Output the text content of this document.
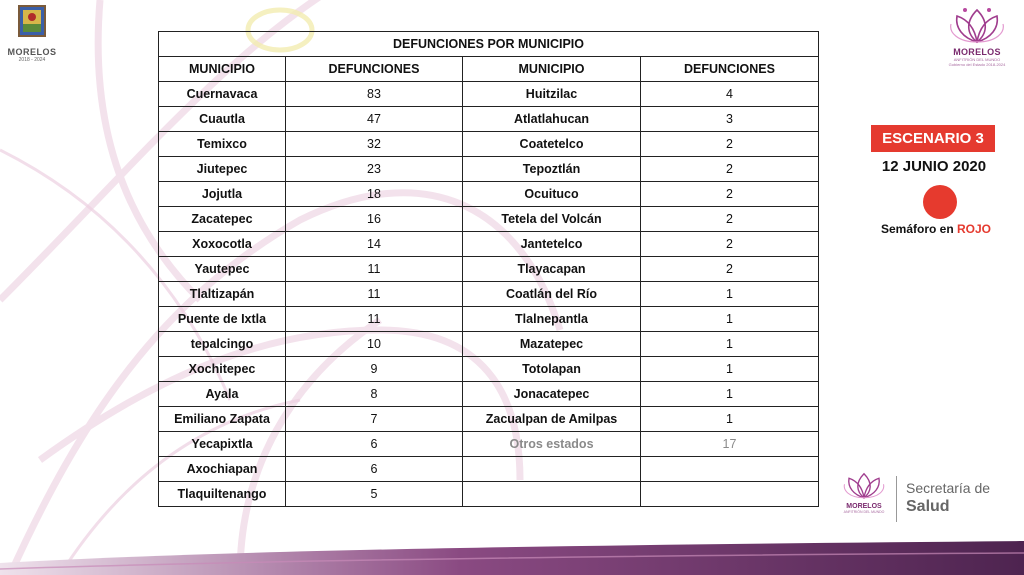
MORELOS
2018 - 2024
MORELOS
ANFITRIÓN DEL MUNDO
Gobierno del Estado 2018-2024
DEFUNCIONES POR MUNICIPIO			
MUNICIPIO	DEFUNCIONES	MUNICIPIO	DEFUNCIONES
Cuernavaca	83	Huitzilac	4
Cuautla	47	Atlatlahucan	3
Temixco	32	Coatetelco	2
Jiutepec	23	Tepoztlán	2
Jojutla	18	Ocuituco	2
Zacatepec	16	Tetela del Volcán	2
Xoxocotla	14	Jantetelco	2
Yautepec	11	Tlayacapan	2
Tlaltizapán	11	Coatlán del Río	1
Puente de Ixtla	11	Tlalnepantla	1
tepalcingo	10	Mazatepec	1
Xochitepec	9	Totolapan	1
Ayala	8	Jonacatepec	1
Emiliano Zapata	7	Zacualpan de Amilpas	1
Yecapixtla	6	Otros estados	17
Axochiapan	6		
Tlaquiltenango	5		
ESCENARIO 3
12 JUNIO 2020
Semáforo en ROJO
MORELOS
ANFITRIÓN DEL MUNDO
Secretaría de
Salud
